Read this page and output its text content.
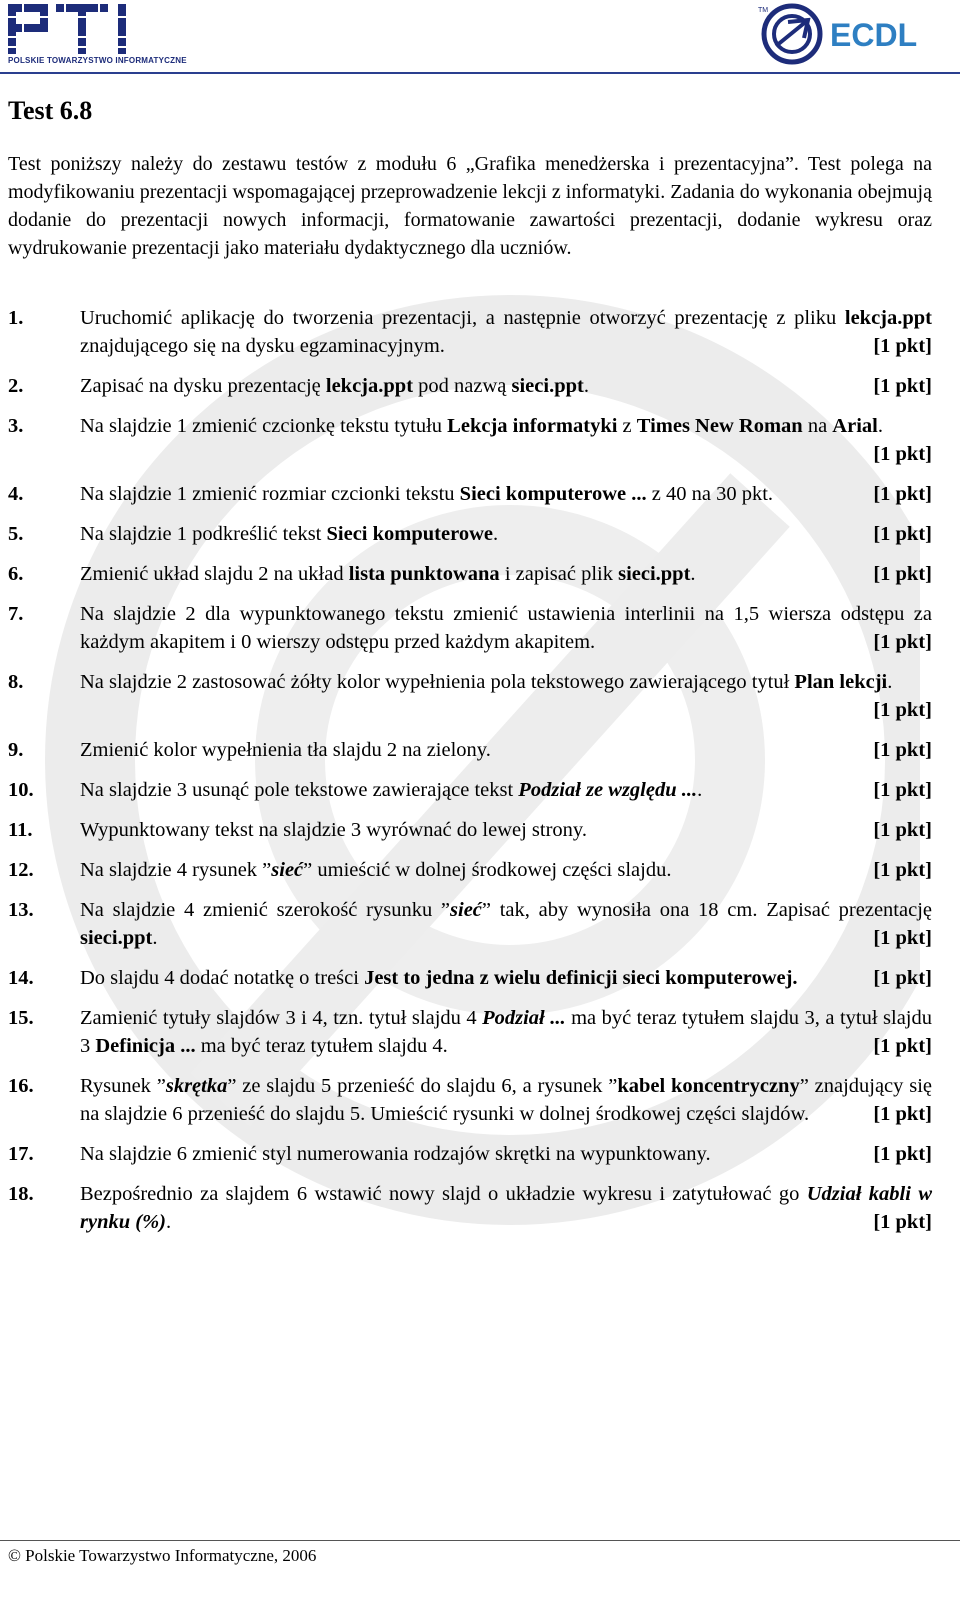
POLSKIE TOWARZYSTWO INFORMATYCZNE
TM
ECDL
Test 6.8

Test poniższy należy do zestawu testów z modułu 6 „Grafika menedżerska i prezentacyjna”. Test polega na modyfikowaniu prezentacji wspomagającej przeprowadzenie lekcji z informatyki. Zadania do wykonania obejmują dodanie do prezentacji nowych informacji, formatowanie zawartości prezentacji, dodanie wykresu oraz wydrukowanie prezentacji jako materiału dydaktycznego dla uczniów.

1.	Uruchomić aplikację do tworzenia prezentacji, a następnie otworzyć prezentację z pliku lekcja.ppt znajdującego się na dysku egzaminacyjnym.	[1 pkt]
2.	Zapisać na dysku prezentację lekcja.ppt pod nazwą sieci.ppt.	[1 pkt]
3.	Na slajdzie 1 zmienić czcionkę tekstu tytułu Lekcja informatyki z Times New Roman na Arial.
[1 pkt]
4.	Na slajdzie 1 zmienić rozmiar czcionki tekstu Sieci komputerowe ... z 40 na 30 pkt.	[1 pkt]
5.	Na slajdzie 1 podkreślić tekst Sieci komputerowe.	[1 pkt]
6.	Zmienić układ slajdu 2 na układ lista punktowana i zapisać plik sieci.ppt.	[1 pkt]
7.	Na slajdzie 2 dla wypunktowanego tekstu zmienić ustawienia interlinii na 1,5 wiersza odstępu za każdym akapitem i 0 wierszy odstępu przed każdym akapitem.	[1 pkt]
8.	Na slajdzie 2 zastosować żółty kolor wypełnienia pola tekstowego zawierającego tytuł Plan lekcji.
[1 pkt]
9.	Zmienić kolor wypełnienia tła slajdu 2 na zielony.	[1 pkt]
10.	Na slajdzie 3 usunąć pole tekstowe zawierające tekst Podział ze względu ....	[1 pkt]
11.	Wypunktowany tekst na slajdzie 3 wyrównać do lewej strony.	[1 pkt]
12.	Na slajdzie 4 rysunek ”sieć” umieścić w dolnej środkowej części slajdu.	[1 pkt]
13.	Na slajdzie 4 zmienić szerokość rysunku ”sieć” tak, aby wynosiła ona 18 cm. Zapisać prezentację sieci.ppt.	[1 pkt]
14.	Do slajdu 4 dodać notatkę o treści Jest to jedna z wielu definicji sieci komputerowej.	[1 pkt]
15.	Zamienić tytuły slajdów 3 i 4, tzn. tytuł slajdu 4 Podział ... ma być teraz tytułem slajdu 3, a tytuł slajdu 3 Definicja ... ma być teraz tytułem slajdu 4.	[1 pkt]
16.	Rysunek ”skrętka” ze slajdu 5 przenieść do slajdu 6, a rysunek ”kabel koncentryczny” znajdujący się na slajdzie 6 przenieść do slajdu 5. Umieścić rysunki w dolnej środkowej części slajdów.	[1 pkt]
17.	Na slajdzie 6 zmienić styl numerowania rodzajów skrętki na wypunktowany.	[1 pkt]
18.	Bezpośrednio za slajdem 6 wstawić nowy slajd o układzie wykresu i zatytułować go Udział kabli w rynku (%).	[1 pkt]
© Polskie Towarzystwo Informatyczne, 2006
